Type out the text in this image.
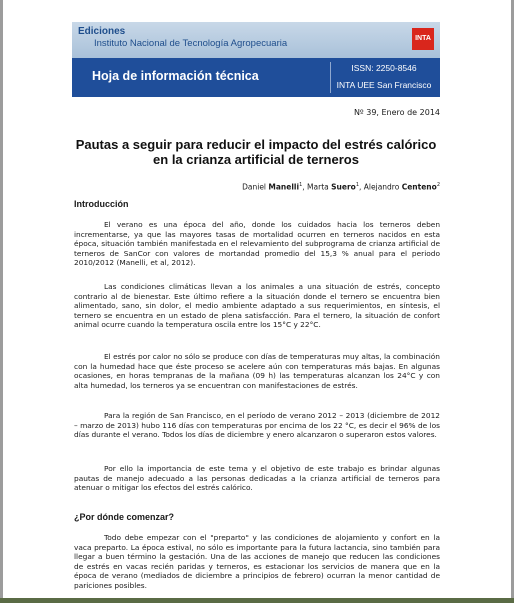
Ediciones
Instituto Nacional de Tecnología Agropecuaria	INTA
Hoja de información técnica
ISSN: 2250-8546
INTA UEE San Francisco
Nº 39, Enero de 2014
Pautas a seguir para reducir el impacto del estrés calórico en la crianza artificial de terneros
Daniel Manelli$^1$, Marta Suero$^1$, Alejandro Centeno$^2$
Introducción

El verano es una época del año, donde los cuidados hacia los terneros deben incrementarse, ya que las mayores tasas de mortalidad ocurren en terneros nacidos en esta época, situación también manifestada en el relevamiento del subprograma de crianza artificial de terneros de SanCor con valores de mortandad promedio del 15,3 % anual para el periodo 2010/2012 (Manelli, et al, 2012).

Las condiciones climáticas llevan a los animales a una situación de estrés, concepto contrario al de bienestar. Este último refiere a la situación donde el ternero se encuentra bien alimentado, sano, sin dolor, el medio ambiente adaptado a sus requerimientos, en síntesis, el ternero se encuentra en un estado de plena satisfacción. Para el ternero, la situación de confort animal ocurre cuando la temperatura oscila entre los 15°C y 22°C.

El estrés por calor no sólo se produce con días de temperaturas muy altas, la combinación con la humedad hace que éste proceso se acelere aún con temperaturas más bajas. En algunas ocasiones, en horas tempranas de la mañana (09 h) las temperaturas alcanzan los 24°C y con alta humedad, los terneros ya se encuentran con manifestaciones de estrés.

Para la región de San Francisco, en el período de verano 2012 – 2013 (diciembre de 2012 – marzo de 2013) hubo 116 días con temperaturas por encima de los 22 °C, es decir el 96% de los días durante el verano. Todos los días de diciembre y enero alcanzaron o superaron estos valores.

Por ello la importancia de este tema y el objetivo de este trabajo es brindar algunas pautas de manejo adecuado a las personas dedicadas a la crianza artificial de terneros para atenuar o mitigar los efectos del estrés calórico.

¿Por dónde comenzar?

Todo debe empezar con el "preparto" y las condiciones de alojamiento y confort en la vaca preparto. La época estival, no sólo es importante para la futura lactancia, sino también para llegar a buen término la gestación. Una de las acciones de manejo que reducen las condiciones de estrés en vacas recién paridas y terneros, es estacionar los servicios de manera que en la época de verano (mediados de diciembre a principios de febrero) ocurran la menor cantidad de pariciones posibles.
